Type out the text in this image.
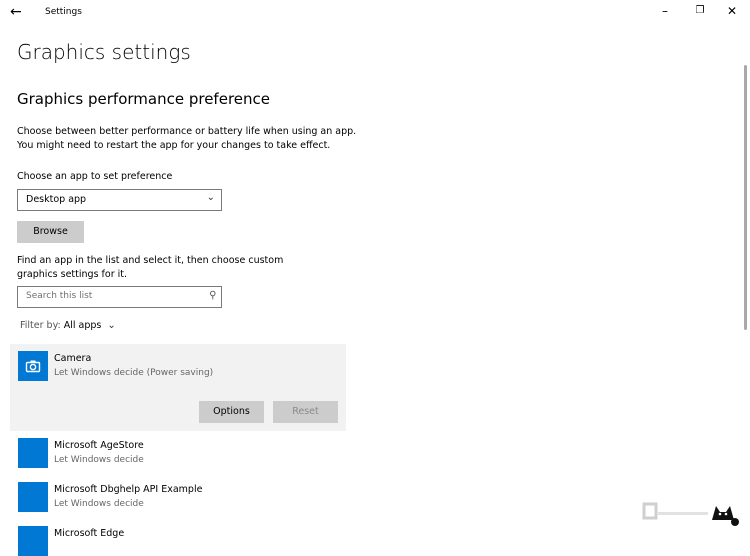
←	Settings	–	❐ ✕
Graphics settings
Graphics performance preference
Choose between better performance or battery life when using an app. You might need to restart the app for your changes to take effect.
Choose an app to set preference
Desktop app	⌄
Browse
Find an app in the list and select it, then choose custom graphics settings for it.
Search this list	⚲
Filter by: All apps ⌄
Camera
Let Windows decide (Power saving)
Options	Reset
Microsoft AgeStore
Let Windows decide
Microsoft Dbghelp API Example
Let Windows decide
Microsoft Edge
